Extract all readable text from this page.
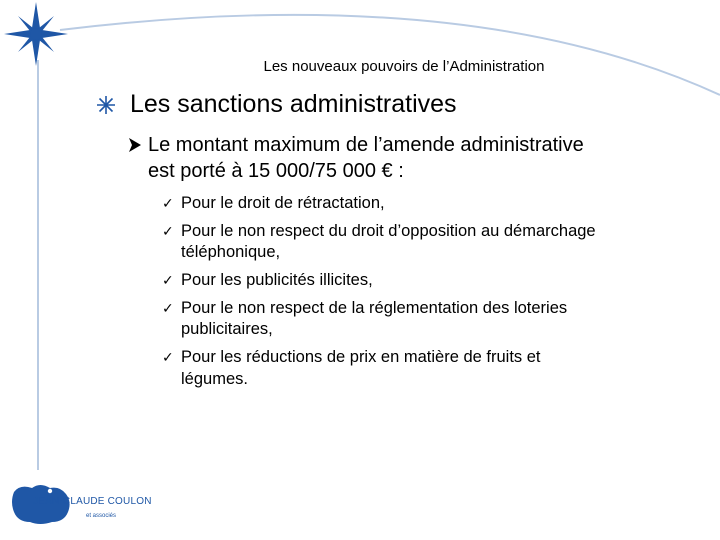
Les nouveaux pouvoirs de l’Administration
Les sanctions administratives
Le montant maximum de l’amende administrative
est porté à 15 000/75 000 € :
✓ Pour le droit de rétractation,
✓ Pour le non respect du droit d’opposition au démarchage
téléphonique,
✓ Pour les publicités illicites,
✓ Pour le non respect de la réglementation des loteries
publicitaires,
✓ Pour les réductions de prix en matière de fruits et
légumes.
JEAN-CLAUDE COULON
et associés
